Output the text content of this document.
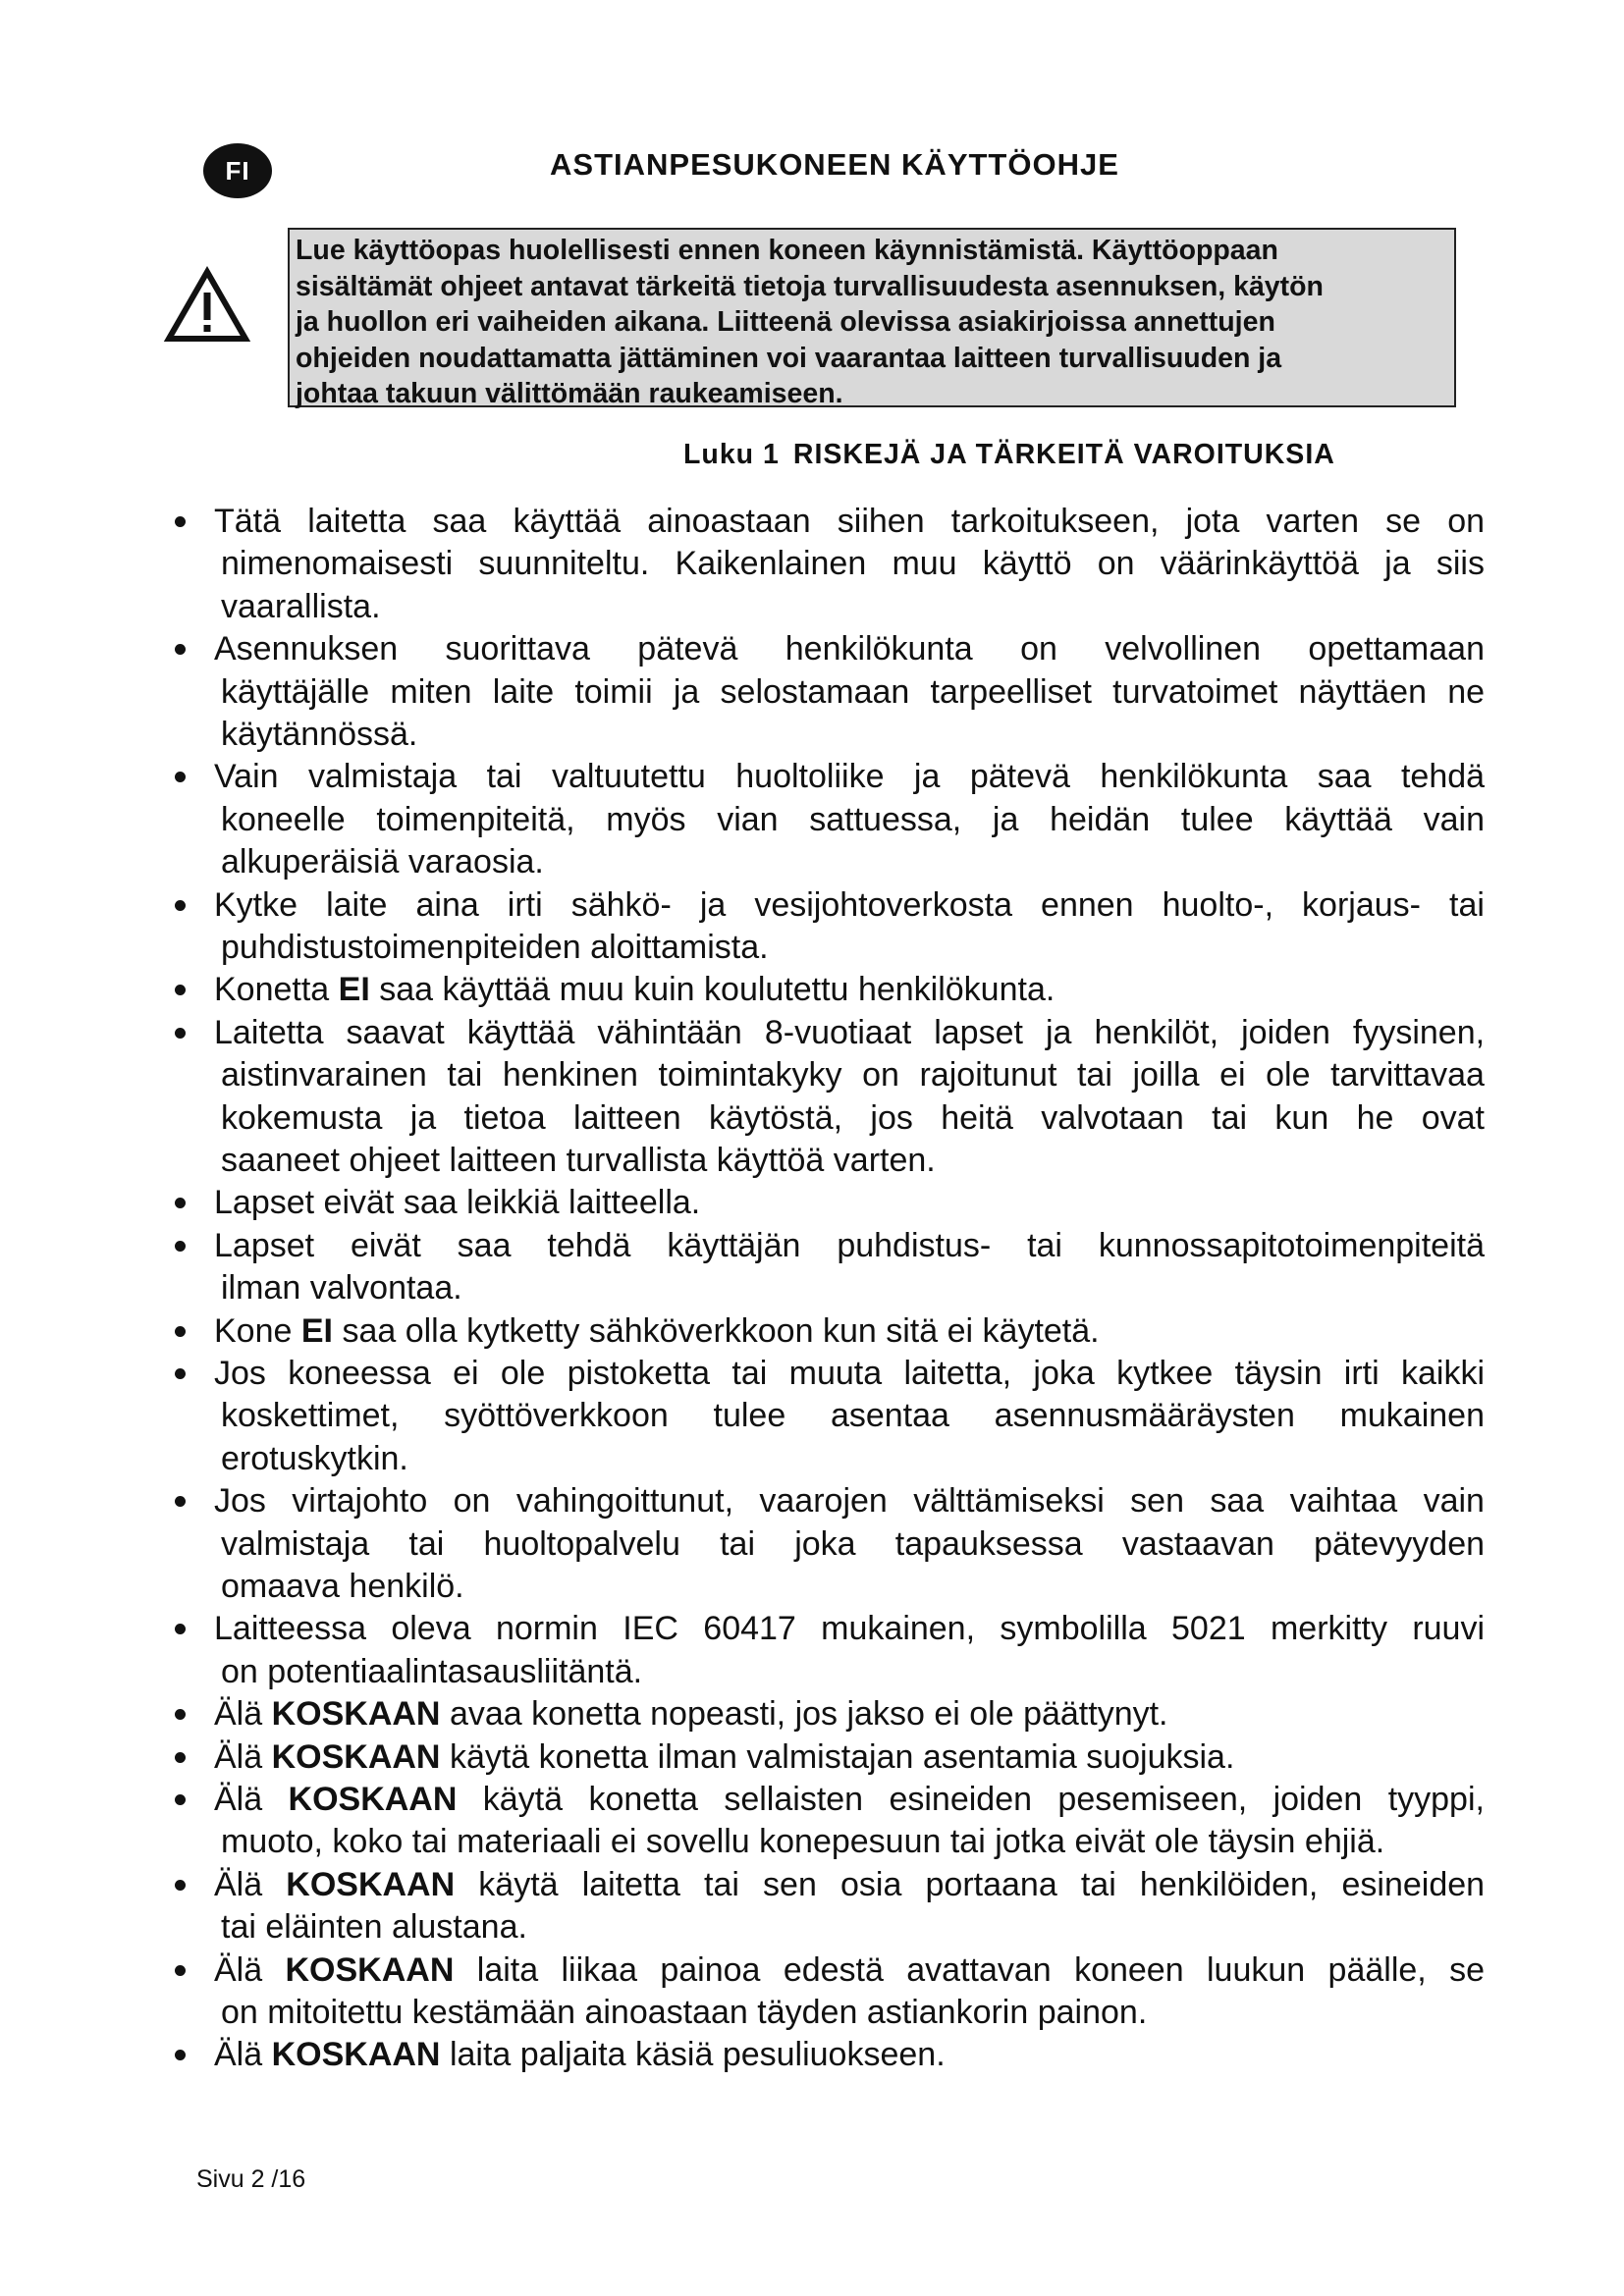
FI	ASTIANPESUKONEEN KÄYTTÖOHJE
Lue käyttöopas huolellisesti ennen koneen käynnistämistä. Käyttöoppaan
sisältämät ohjeet antavat tärkeitä tietoja turvallisuudesta asennuksen, käytön
ja huollon eri vaiheiden aikana. Liitteenä olevissa asiakirjoissa annettujen
ohjeiden noudattamatta jättäminen voi vaarantaa laitteen turvallisuuden ja
johtaa takuun välittömään raukeamiseen.
Luku 1 RISKEJÄ JA TÄRKEITÄ VAROITUKSIA
Tätä laitetta saa käyttää ainoastaan siihen tarkoitukseen, jota varten se on
nimenomaisesti suunniteltu. Kaikenlainen muu käyttö on väärinkäyttöä ja siis
vaarallista.
Asennuksen suorittava pätevä henkilökunta on velvollinen opettamaan
käyttäjälle miten laite toimii ja selostamaan tarpeelliset turvatoimet näyttäen ne
käytännössä.
Vain valmistaja tai valtuutettu huoltoliike ja pätevä henkilökunta saa tehdä
koneelle toimenpiteitä, myös vian sattuessa, ja heidän tulee käyttää vain
alkuperäisiä varaosia.
Kytke laite aina irti sähkö- ja vesijohtoverkosta ennen huolto-, korjaus- tai
puhdistustoimenpiteiden aloittamista.
Konetta EI saa käyttää muu kuin koulutettu henkilökunta.
Laitetta saavat käyttää vähintään 8-vuotiaat lapset ja henkilöt, joiden fyysinen,
aistinvarainen tai henkinen toimintakyky on rajoitunut tai joilla ei ole tarvittavaa
kokemusta ja tietoa laitteen käytöstä, jos heitä valvotaan tai kun he ovat
saaneet ohjeet laitteen turvallista käyttöä varten.
Lapset eivät saa leikkiä laitteella.
Lapset eivät saa tehdä käyttäjän puhdistus- tai kunnossapitotoimenpiteitä
ilman valvontaa.
Kone EI saa olla kytketty sähköverkkoon kun sitä ei käytetä.
Jos koneessa ei ole pistoketta tai muuta laitetta, joka kytkee täysin irti kaikki
koskettimet, syöttöverkkoon tulee asentaa asennusmääräysten mukainen
erotuskytkin.
Jos virtajohto on vahingoittunut, vaarojen välttämiseksi sen saa vaihtaa vain
valmistaja tai huoltopalvelu tai joka tapauksessa vastaavan pätevyyden
omaava henkilö.
Laitteessa oleva normin IEC 60417 mukainen, symbolilla 5021 merkitty ruuvi
on potentiaalintasausliitäntä.
Älä KOSKAAN avaa konetta nopeasti, jos jakso ei ole päättynyt.
Älä KOSKAAN käytä konetta ilman valmistajan asentamia suojuksia.
Älä KOSKAAN käytä konetta sellaisten esineiden pesemiseen, joiden tyyppi,
muoto, koko tai materiaali ei sovellu konepesuun tai jotka eivät ole täysin ehjiä.
Älä KOSKAAN käytä laitetta tai sen osia portaana tai henkilöiden, esineiden
tai eläinten alustana.
Älä KOSKAAN laita liikaa painoa edestä avattavan koneen luukun päälle, se
on mitoitettu kestämään ainoastaan täyden astiankorin painon.
Älä KOSKAAN laita paljaita käsiä pesuliuokseen.
Sivu 2 /16
